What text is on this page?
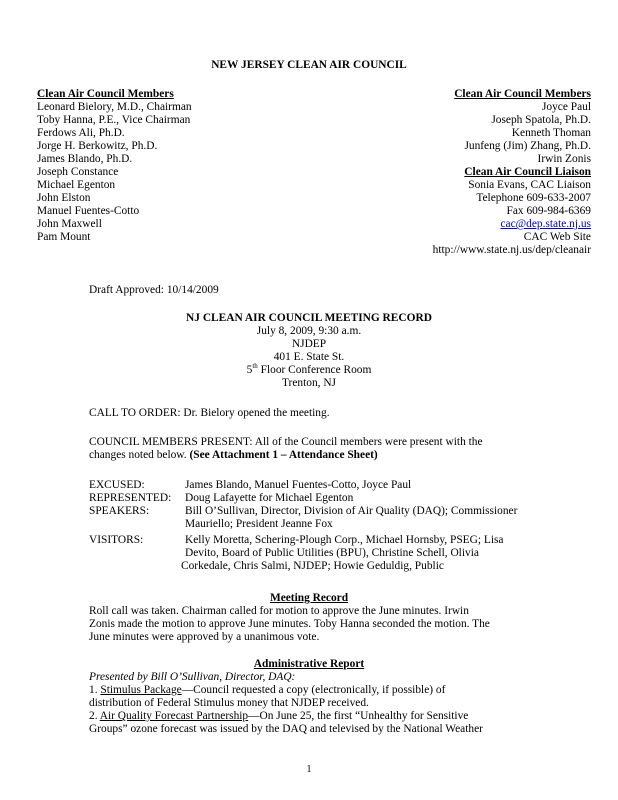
NEW JERSEY CLEAN AIR COUNCIL
Clean Air Council Members
Leonard Bielory, M.D., Chairman
Toby Hanna, P.E., Vice Chairman
Ferdows Ali, Ph.D.
Jorge H. Berkowitz, Ph.D.
James Blando, Ph.D.
Joseph Constance
Michael Egenton
John Elston
Manuel Fuentes-Cotto
John Maxwell
Pam Mount
Clean Air Council Members
Joyce Paul
Joseph Spatola, Ph.D.
Kenneth Thoman
Junfeng (Jim) Zhang, Ph.D.
Irwin Zonis
Clean Air Council Liaison
Sonia Evans, CAC Liaison
Telephone 609-633-2007
Fax 609-984-6369
cac@dep.state.nj.us
CAC Web Site
http://www.state.nj.us/dep/cleanair
Draft Approved: 10/14/2009
NJ CLEAN AIR COUNCIL MEETING RECORD
July 8, 2009, 9:30 a.m.
NJDEP
401 E. State St.
5th Floor Conference Room
Trenton, NJ
CALL TO ORDER: Dr. Bielory opened the meeting.
COUNCIL MEMBERS PRESENT: All of the Council members were present with the
changes noted below. (See Attachment 1 – Attendance Sheet)
EXCUSED:	James Blando, Manuel Fuentes-Cotto, Joyce Paul
REPRESENTED: Doug Lafayette for Michael Egenton
SPEAKERS:	Bill O’Sullivan, Director, Division of Air Quality (DAQ); Commissioner
Mauriello; President Jeanne Fox
VISITORS:	Kelly Moretta, Schering-Plough Corp., Michael Hornsby, PSEG; Lisa
Devito, Board of Public Utilities (BPU), Christine Schell, Olivia
Corkedale, Chris Salmi, NJDEP; Howie Geduldig, Public
Meeting Record
Roll call was taken. Chairman called for motion to approve the June minutes. Irwin
Zonis made the motion to approve June minutes. Toby Hanna seconded the motion. The
June minutes were approved by a unanimous vote.
Administrative Report
Presented by Bill O’Sullivan, Director, DAQ:
1. Stimulus Package—Council requested a copy (electronically, if possible) of
distribution of Federal Stimulus money that NJDEP received.
2. Air Quality Forecast Partnership—On June 25, the first “Unhealthy for Sensitive
Groups” ozone forecast was issued by the DAQ and televised by the National Weather
1
